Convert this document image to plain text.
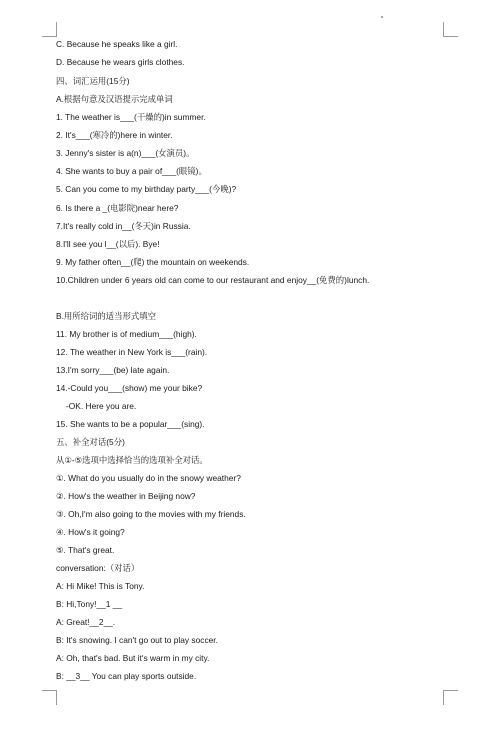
C. Because he speaks like a girl.
D. Because he wears girls clothes.
四、词汇运用(15分)
A.根据句意及汉语提示完成单词
1. The weather is___(干燥的)in summer.
2. It's___(寒冷的)here in winter.
3. Jenny's sister is a(n)___(女演员)。
4. She wants to buy a pair of___(眼镜)。
5. Can you come to my birthday party___(今晚)?
6. Is there a _(电影院)near here?
7.It's really cold in__(冬天)in Russia.
8.I'll see you l__(以后). Bye!
9. My father often__(爬) the mountain on weekends.
10.Children under 6 years old can come to our restaurant and enjoy__(免费的)lunch.
B.用所给词的适当形式填空
11. My brother is of medium___(high).
12. The weather in New York is___(rain).
13.I'm sorry___(be) late again.
14.-Could you___(show) me your bike?
-OK. Here you are.
15. She wants to be a popular___(sing).
五、补全对话(5分)
从①-⑤选项中选择恰当的选项补全对话。
①. What do you usually do in the snowy weather?
②. How's the weather in Beijing now?
③. Oh,I'm also going to the movies with my friends.
④. How's it going?
⑤. That's great.
conversation:（对话）
A: Hi Mike! This is Tony.
B: Hi,Tony!__1 __
A: Great!__2__.
B: It's snowing. I can't go out to play soccer.
A: Oh, that's bad. But it's warm in my city.
B: __3__ You can play sports outside.
